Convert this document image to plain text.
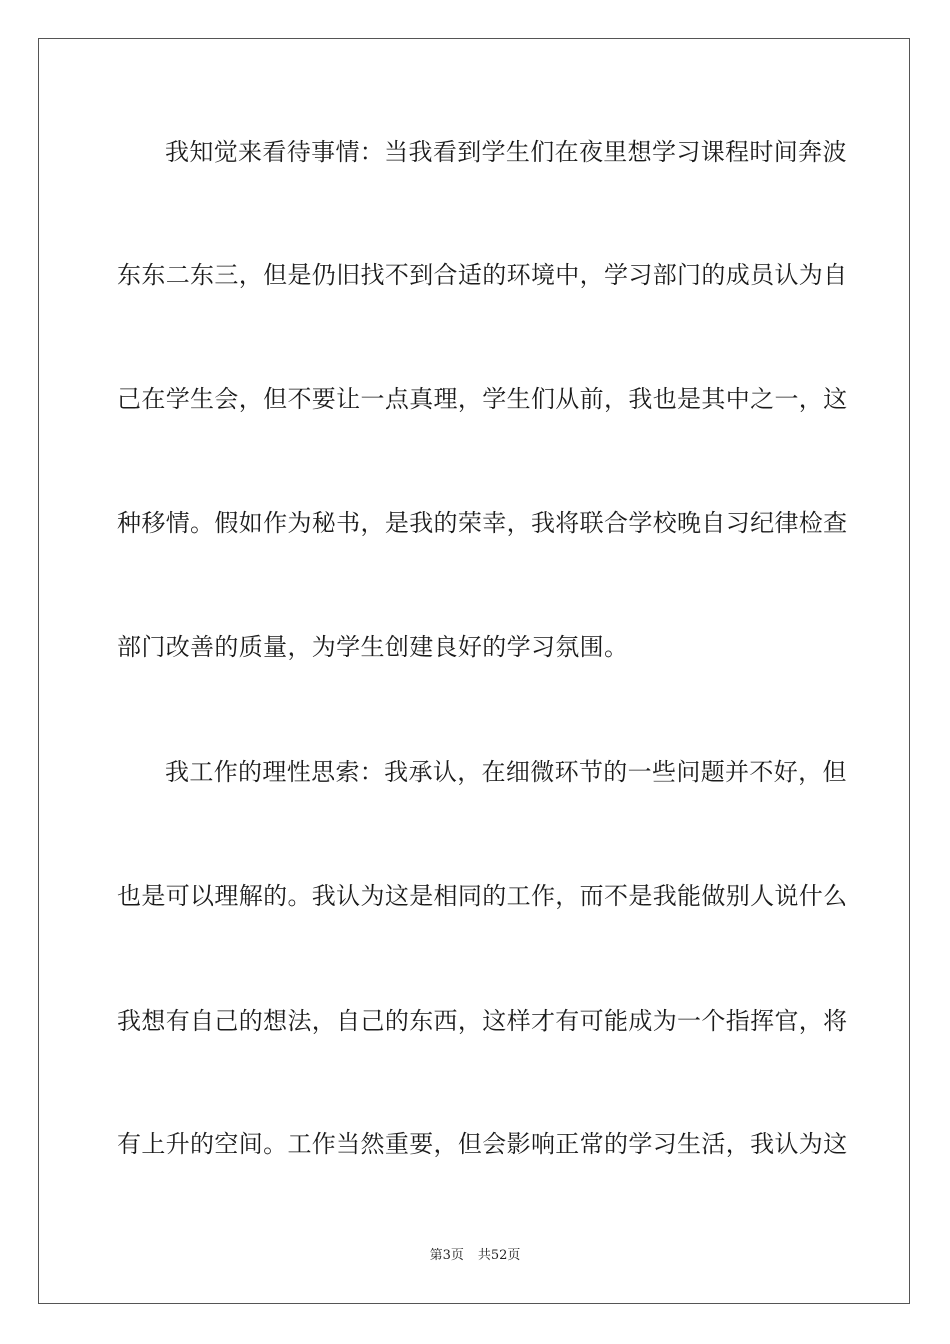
我知觉来看待事情：当我看到学生们在夜里想学习课程时间奔波
东东二东三，但是仍旧找不到合适的环境中，学习部门的成员认为自
己在学生会，但不要让一点真理，学生们从前，我也是其中之一，这
种移情。假如作为秘书，是我的荣幸，我将联合学校晚自习纪律检查
部门改善的质量，为学生创建良好的学习氛围。
我工作的理性思索：我承认，在细微环节的一些问题并不好，但
也是可以理解的。我认为这是相同的工作，而不是我能做别人说什么
我想有自己的想法，自己的东西，这样才有可能成为一个指挥官，将
有上升的空间。工作当然重要，但会影响正常的学习生活，我认为这
第3页 共52页
